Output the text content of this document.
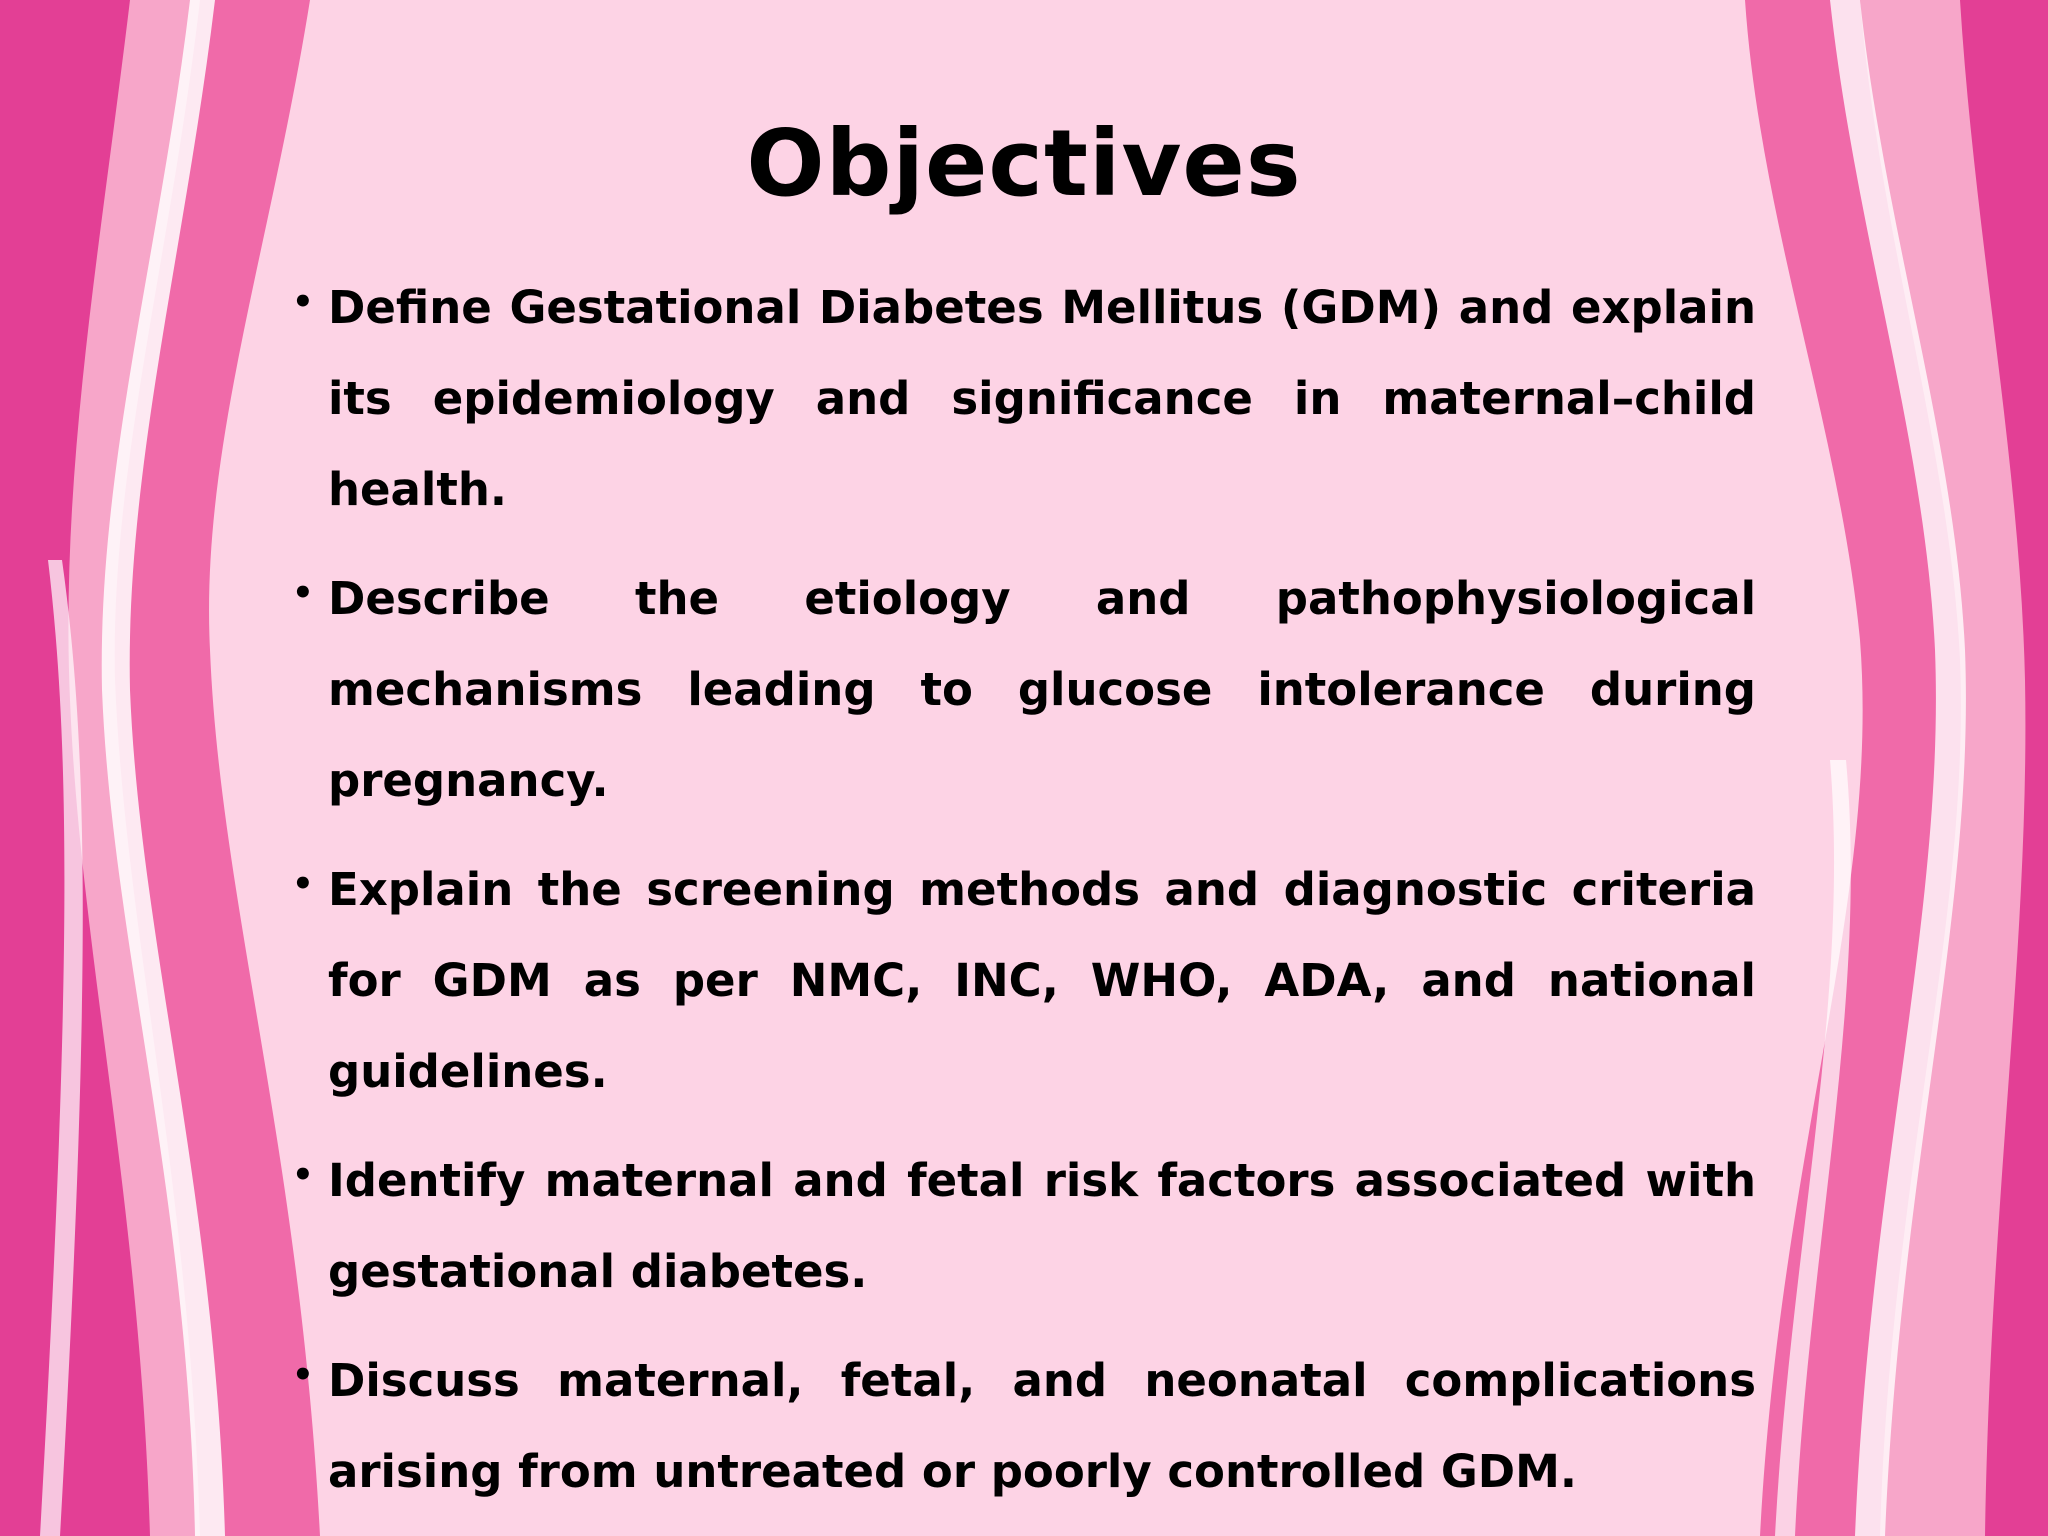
Objectives
• Define Gestational Diabetes Mellitus (GDM) and explain its epidemiology and significance in maternal–child health.
• Describe the etiology and pathophysiological mechanisms leading to glucose intolerance during pregnancy.
• Explain the screening methods and diagnostic criteria for GDM as per NMC, INC, WHO, ADA, and national guidelines.
• Identify maternal and fetal risk factors associated with gestational diabetes.
• Discuss maternal, fetal, and neonatal complications arising from untreated or poorly controlled GDM.
